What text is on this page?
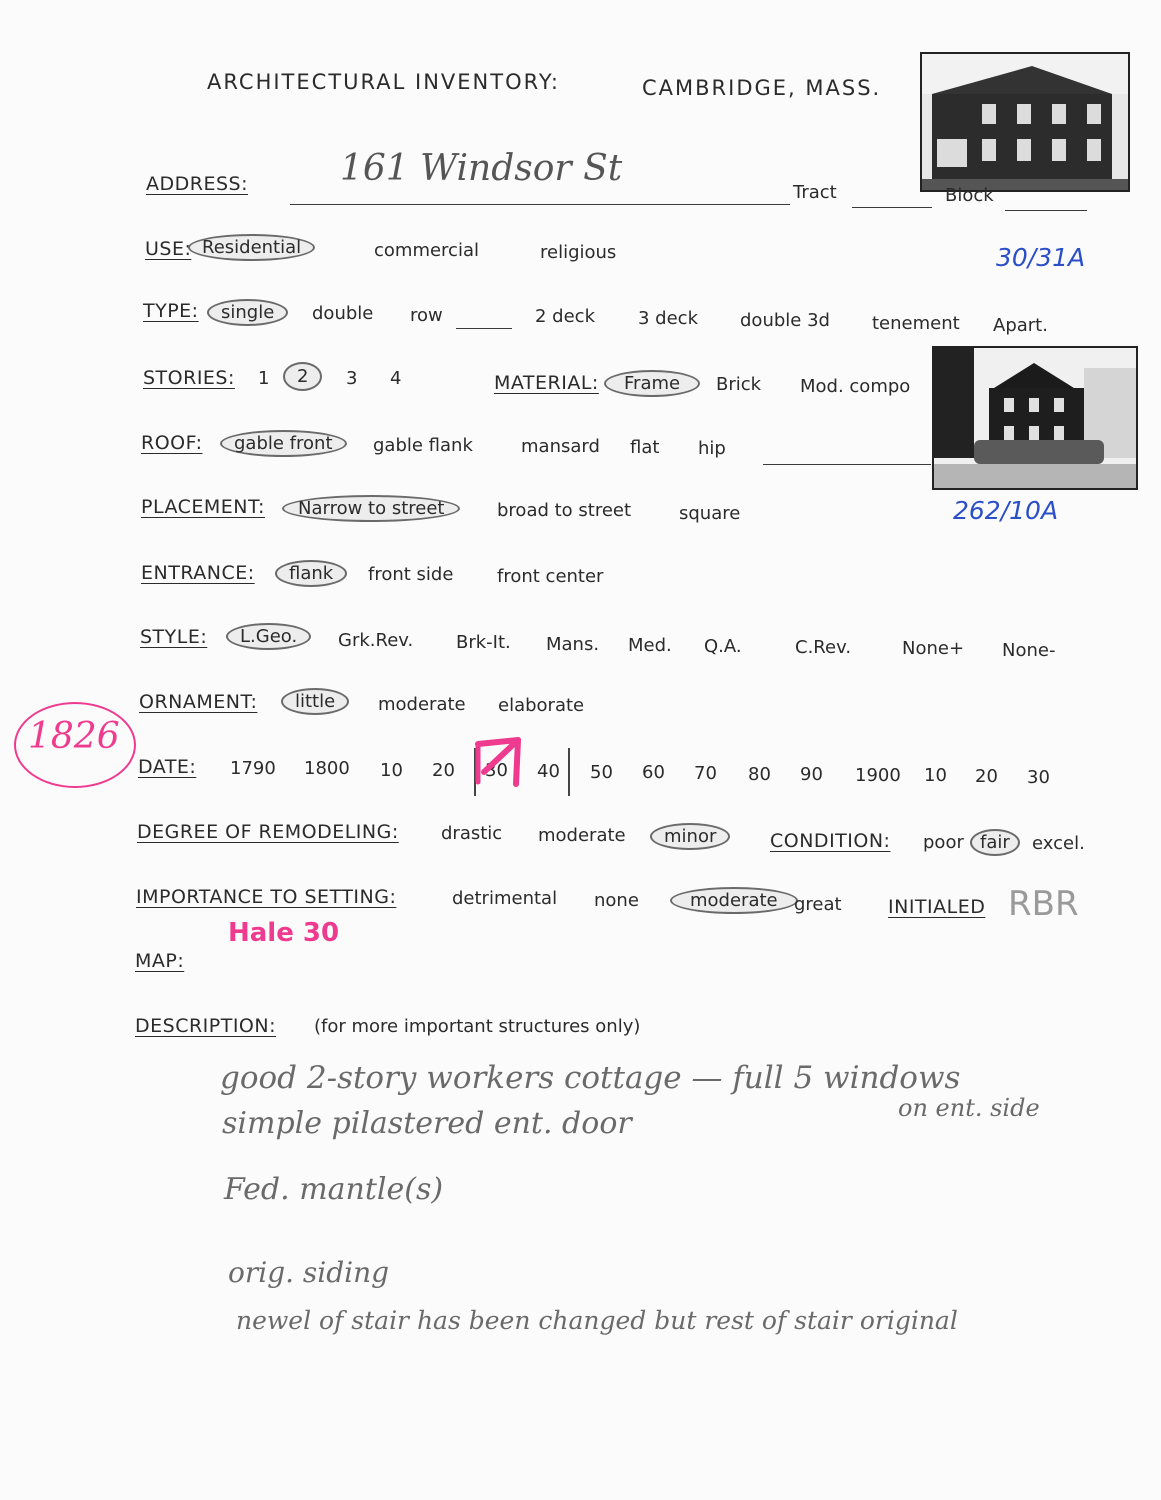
ARCHITECTURAL INVENTORY:	CAMBRIDGE, MASS.
ADDRESS:	161 Windsor St
Tract	Block
30/31A
USE: Residential	commercial	religious
TYPE:	single	double row	2 deck 3 deck double 3d tenement Apart.
STORIES: 1	2	3 4	MATERIAL:	Frame	Brick Mod. compo
ROOF:	gable front	gable flank	mansard flat hip
262/10A
PLACEMENT:	Narrow to street	broad to street	square
ENTRANCE:	flank	front side front center
STYLE:	L.Geo.	Grk.Rev. Brk-It. Mans. Med. Q.A.	C.Rev.	None+ None-
1826
ORNAMENT:	little	moderate elaborate
DATE: 1790 1800 10 20 30 40 50 60 70 80 90 1900 10 20 30
DEGREE OF REMODELING: drastic moderate	minor	CONDITION: poor fair	excel.
IMPORTANCE TO SETTING:	detrimental none	moderate great INITIALED RBR
Hale 30
MAP:
DESCRIPTION: (for more important structures only)
good 2-story workers cottage — full 5 windows
on ent. side
simple pilastered ent. door
Fed. mantle(s)
orig. siding
newel of stair has been changed but rest of stair original
